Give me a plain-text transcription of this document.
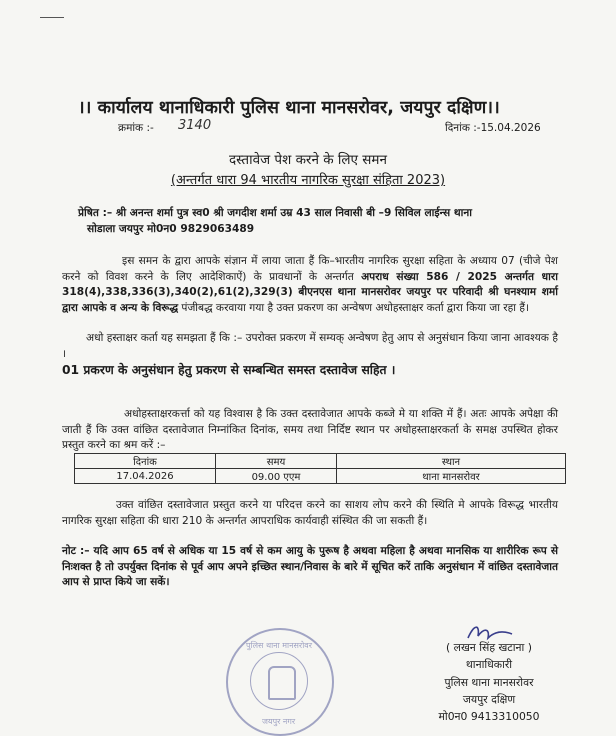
।। कार्यालय थानाधिकारी पुलिस थाना मानसरोवर, जयपुर दक्षिण।।
क्रमांक :- 3140	दिनांक :-15.04.2026
दस्तावेज पेश करने के लिए समन
(अन्तर्गत धारा 94 भारतीय नागरिक सुरक्षा संहिता 2023)
प्रेषित :– श्री अनन्त शर्मा पुत्र स्व0 श्री जगदीश शर्मा उम्र 43 साल निवासी बी –9 सिविल लाईन्स थाना
सोडाला जयपुर मो0न0 9829063489
इस समन के द्वारा आपके संज्ञान में लाया जाता हैं कि–भारतीय नागरिक सुरक्षा सहिता के अध्याय 07 (चीजे पेश करने को विवश करने के लिए आदेशिकाऐं) के प्रावधानों के अन्तर्गत अपराध संख्या 586 / 2025 अन्तर्गत धारा 318(4),338,336(3),340(2),61(2),329(3) बीएनएस थाना मानसरोवर जयपुर पर परिवादी श्री घनश्याम शर्मा द्वारा आपके व अन्य के विरूद्ध पंजीबद्ध करवाया गया है उक्त प्रकरण का अन्वेषण अधोहस्ताक्षर कर्ता द्वारा किया जा रहा हैं।
अधो हस्ताक्षर कर्ता यह समझता हैं कि :– उपरोक्त प्रकरण में सम्यक् अन्वेषण हेतु आप से अनुसंधान किया जाना आवश्यक है ।
01 प्रकरण के अनुसंधान हेतु प्रकरण से सम्बन्धित समस्त दस्तावेज सहित ।
अधोहस्ताक्षरकर्त्ता को यह विश्वास है कि उक्त दस्तावेजात आपके कब्जे मे या शक्ति में हैं। अतः आपके अपेक्षा की जाती हैं कि उक्त वांछित दस्तावेजात निम्नांकित दिनांक, समय तथा निर्दिष्ट स्थान पर अधोहस्ताक्षरकर्ता के समक्ष उपस्थित होकर प्रस्तुत करने का श्रम करें :–
दिनांक	समय	स्थान
17.04.2026	09.00 एएम	थाना मानसरोवर
उक्त वांछित दस्तावेजात प्रस्तुत करने या परिदत्त करने का साशय लोप करने की स्थिति मे आपके विरूद्ध भारतीय नागरिक सुरक्षा सहिता की धारा 210 के अन्तर्गत आपराधिक कार्यवाही संस्थित की जा सकती हैं।
नोट :– यदि आप 65 वर्ष से अधिक या 15 वर्ष से कम आयु के पुरूष है अथवा महिला है अथवा मानसिक या शारीरिक रूप से निःशक्त है तो उपर्युक्त दिनांक से पूर्व आप अपने इच्छित स्थान/निवास के बारे में सूचित करें ताकि अनुसंधान में वांछित दस्तावेजात आप से प्राप्त किये जा सकें।
पुलिस थाना मानसरोवर
जयपुर नगर
( लखन सिंह खटाना )
थानाधिकारी
पुलिस थाना मानसरोवर
जयपुर दक्षिण
मो0न0 9413310050
